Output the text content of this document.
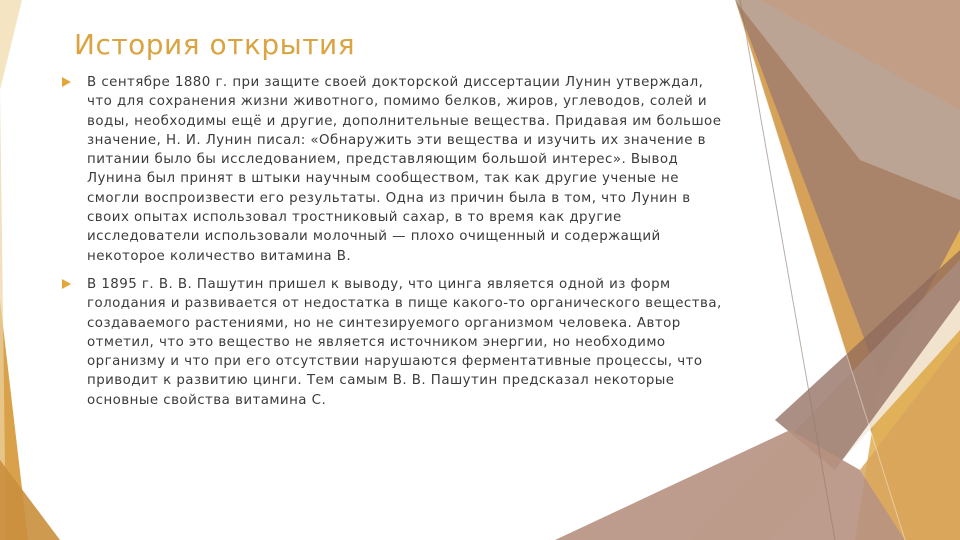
История открытия
В сентябре 1880 г. при защите своей докторской диссертации Лунин утверждал, что для сохранения жизни животного, помимо белков, жиров, углеводов, солей и воды, необходимы ещё и другие, дополнительные вещества. Придавая им большое значение, Н. И. Лунин писал: «Обнаружить эти вещества и изучить их значение в питании было бы исследованием, представляющим большой интерес». Вывод Лунина был принят в штыки научным сообществом, так как другие ученые не смогли воспроизвести его результаты. Одна из причин была в том, что Лунин в своих опытах использовал тростниковый сахар, в то время как другие исследователи использовали молочный — плохо очищенный и содержащий некоторое количество витамина B.
В 1895 г. В. В. Пашутин пришел к выводу, что цинга является одной из форм голодания и развивается от недостатка в пище какого-то органического вещества, создаваемого растениями, но не синтезируемого организмом человека. Автор отметил, что это вещество не является источником энергии, но необходимо организму и что при его отсутствии нарушаются ферментативные процессы, что приводит к развитию цинги. Тем самым В. В. Пашутин предсказал некоторые основные свойства витамина C.
